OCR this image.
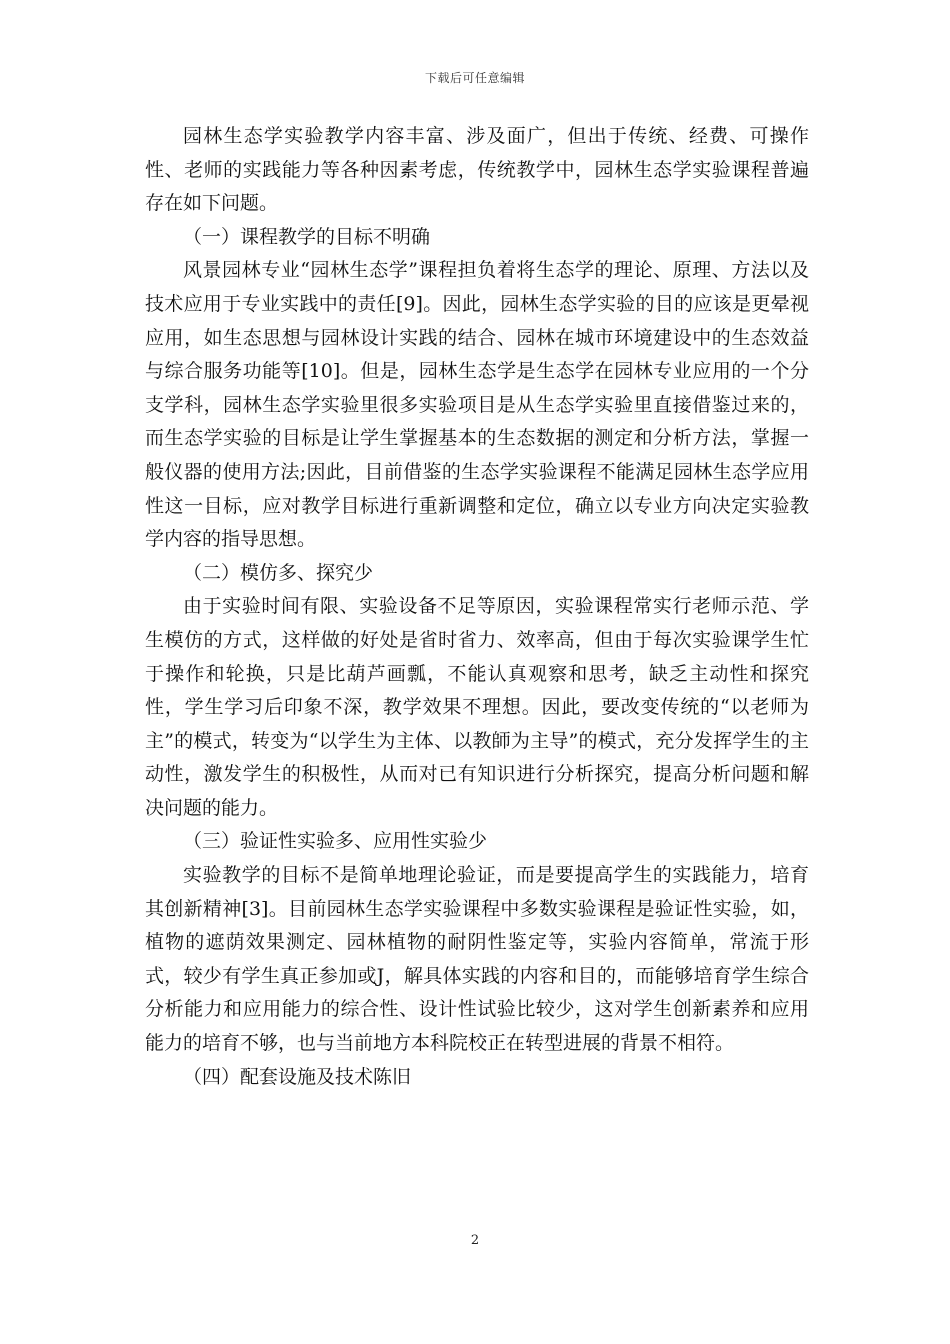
下载后可任意编辑

园林生态学实验教学内容丰富、涉及面广，但出于传统、经费、可操作性、老师的实践能力等各种因素考虑，传统教学中，园林生态学实验课程普遍存在如下问题。

（一）课程教学的目标不明确

风景园林专业“园林生态学”课程担负着将生态学的理论、原理、方法以及技术应用于专业实践中的责任[9]。因此，园林生态学实验的目的应该是更晕视应用，如生态思想与园林设计实践的结合、园林在城市环境建设中的生态效益与综合服务功能等[10]。但是，园林生态学是生态学在园林专业应用的一个分支学科，园林生态学实验里很多实验项目是从生态学实验里直接借鉴过来的，而生态学实验的目标是让学生掌握基本的生态数据的测定和分析方法，掌握一般仪器的使用方法;因此，目前借鉴的生态学实验课程不能满足园林生态学应用性这一目标，应对教学目标进行重新调整和定位，确立以专业方向决定实验教学内容的指导思想。

（二）模仿多、探究少

由于实验时间有限、实验设备不足等原因，实验课程常实行老师示范、学生模仿的方式，这样做的好处是省时省力、效率高，但由于每次实验课学生忙于操作和轮换，只是比葫芦画瓢，不能认真观察和思考，缺乏主动性和探究性，学生学习后印象不深，教学效果不理想。因此，要改变传统的“以老师为主”的模式，转变为“以学生为主体、以教師为主导”的模式，充分发挥学生的主动性，激发学生的积极性，从而对已有知识进行分析探究，提高分析问题和解决问题的能力。

（三）验证性实验多、应用性实验少

实验教学的目标不是简单地理论验证，而是要提高学生的实践能力，培育其创新精神[3]。目前园林生态学实验课程中多数实验课程是验证性实验，如，植物的遮荫效果测定、园林植物的耐阴性鉴定等，实验内容简单，常流于形式，较少有学生真正参加或J，解具体实践的内容和目的，而能够培育学生综合分析能力和应用能力的综合性、设计性试验比较少，这对学生创新素养和应用能力的培育不够，也与当前地方本科院校正在转型进展的背景不相符。

（四）配套设施及技术陈旧

2
